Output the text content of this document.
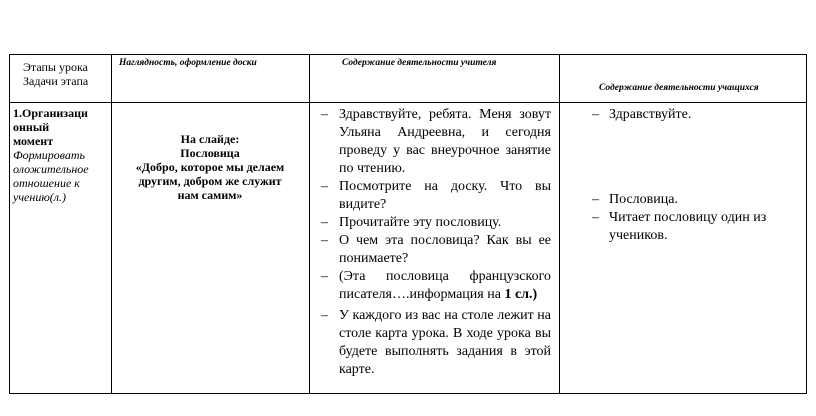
Этапы урока
Задачи этапа
Наглядность, оформление доски	Содержание деятельности учителя
Содержание деятельности учащихся
1.Организаци
онный
момент
Формировать
оложительное
отношение к
учению(л.)
На слайде:
Пословица
«Добро, которое мы делаем
другим, добром же служит
нам самим»
– Здравствуйте, ребята. Меня зовут Ульяна Андреевна, и сегодня проведу у вас внеурочное занятие по чтению.
– Посмотрите на доску. Что вы видите?
– Прочитайте эту пословицу.
– О чем эта пословица? Как вы ее понимаете?
– (Эта пословица французского писателя….информация на 1 сл.)
– У каждого из вас на столе лежит на столе карта урока. В ходе урока вы будете выполнять задания в этой карте.
– Здравствуйте.
– Пословица.
– Читает пословицу один из учеников.
